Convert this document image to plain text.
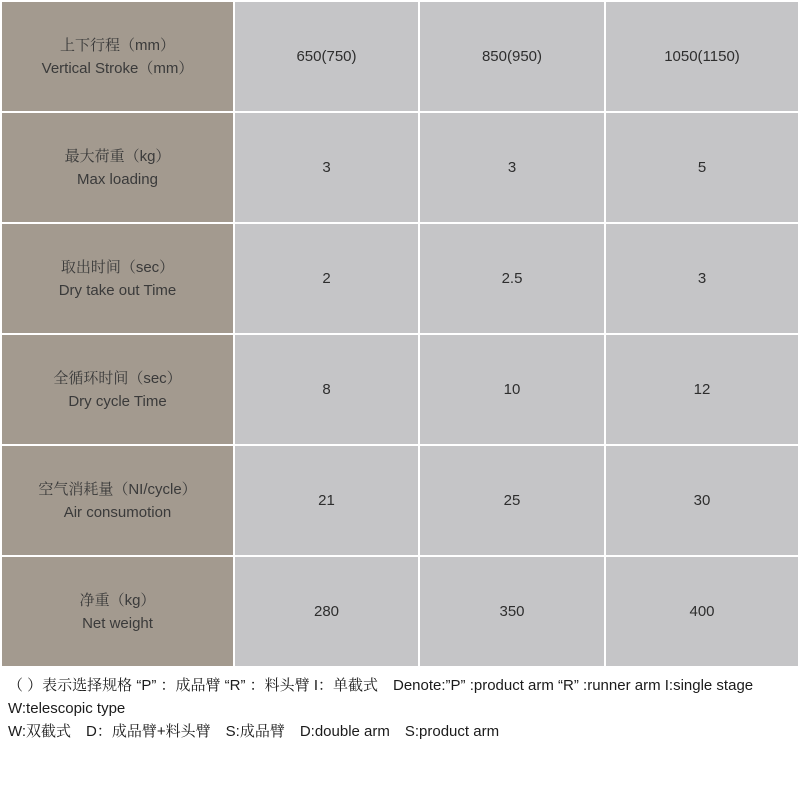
上下行程（mm）
Vertical Stroke（mm）	650(750)	850(950)	1050(1150)

最大荷重（kg）
Max loading	3	3	5

取出时间（sec）
Dry take out Time	2	2.5	3

全循环时间（sec）
Dry cycle Time	8	10	12

空气消耗量（NI/cycle）
Air consumotion	21	25	30

净重（kg）
Net weight	280	350	400
（ ）表示选择规格 “P” ：成品臂 “R” ：料头臂 I：单截式　Denote:”P” :product arm “R” :runner arm I:single stage
W:telescopic type
W:双截式　D：成品臂+料头臂　S:成品臂　D:double arm　S:product arm
